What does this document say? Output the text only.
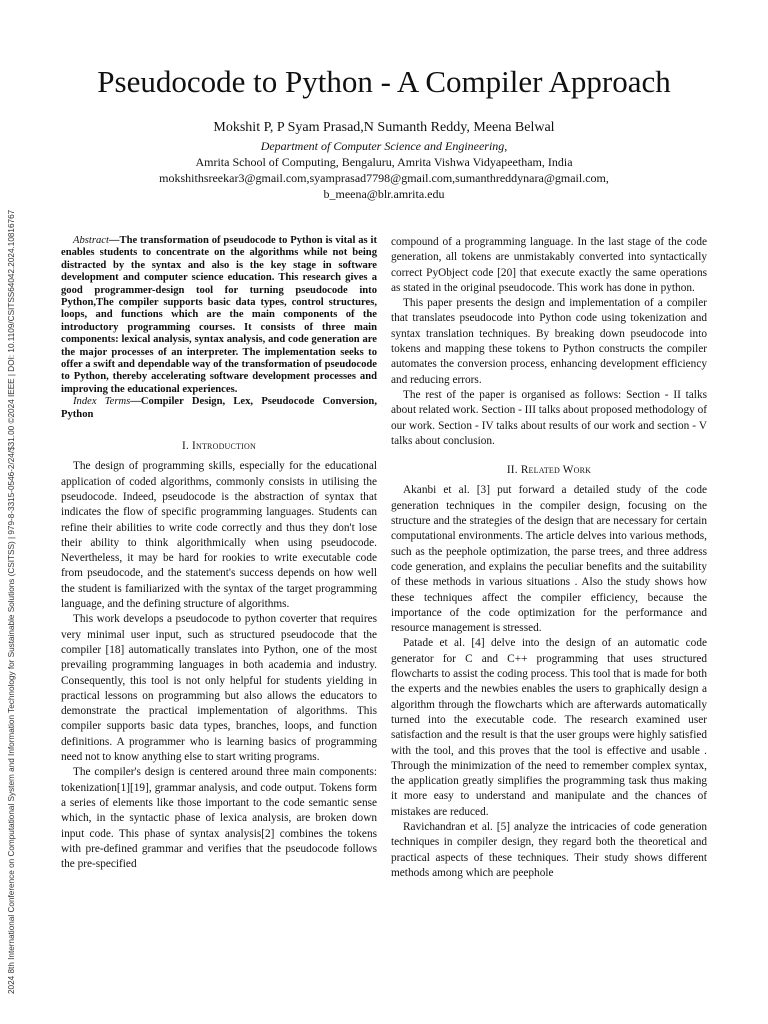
2024 8th International Conference on Computational System and Information Technology for Sustainable Solutions (CSITSS) | 979-8-3315-0546-2/24/$31.00 ©2024 IEEE | DOI: 10.1109/CSITSS64042.2024.10816767
Pseudocode to Python - A Compiler Approach
Mokshit P, P Syam Prasad,N Sumanth Reddy, Meena Belwal
Department of Computer Science and Engineering,
Amrita School of Computing, Bengaluru, Amrita Vishwa Vidyapeetham, India
mokshithsreekar3@gmail.com,syamprasad7798@gmail.com,sumanthreddynara@gmail.com,
b_meena@blr.amrita.edu

Abstract—The transformation of pseudocode to Python is vital as it enables students to concentrate on the algorithms while not being distracted by the syntax and also is the key stage in software development and computer science education. This research gives a good programmer-design tool for turning pseudocode into Python,The compiler supports basic data types, control structures, loops, and functions which are the main components of the introductory programming courses. It consists of three main components: lexical analysis, syntax analysis, and code generation are the major processes of an interpreter. The implementation seeks to offer a swift and dependable way of the transformation of pseudocode to Python, thereby accelerating software development processes and improving the educational experiences.

Index Terms—Compiler Design, Lex, Pseudocode Conversion, Python

I. Introduction

The design of programming skills, especially for the educational application of coded algorithms, commonly consists in utilising the pseudocode. Indeed, pseudocode is the abstraction of syntax that indicates the flow of specific programming languages. Students can refine their abilities to write code correctly and thus they don't lose their ability to think algorithmically when using pseudocode. Nevertheless, it may be hard for rookies to write executable code from pseudocode, and the statement's success depends on how well the student is familiarized with the syntax of the target programming language, and the defining structure of algorithms.

This work develops a pseudocode to python coverter that requires very minimal user input, such as structured pseudocode that the compiler [18] automatically translates into Python, one of the most prevailing programming languages in both academia and industry. Consequently, this tool is not only helpful for students yielding in practical lessons on programming but also allows the educators to demonstrate the practical implementation of algorithms. This compiler supports basic data types, branches, loops, and function definitions. A programmer who is learning basics of programming need not to know anything else to start writing programs.

The compiler's design is centered around three main components: tokenization[1][19], grammar analysis, and code output. Tokens form a series of elements like those important to the code semantic sense which, in the syntactic phase of lexica analysis, are broken down input code. This phase of syntax analysis[2] combines the tokens with pre-defined grammar and verifies that the pseudocode follows the pre-specified

compound of a programming language. In the last stage of the code generation, all tokens are unmistakably converted into syntactically correct PyObject code [20] that execute exactly the same operations as stated in the original pseudocode. This work has done in python.

This paper presents the design and implementation of a compiler that translates pseudocode into Python code using tokenization and syntax translation techniques. By breaking down pseudocode into tokens and mapping these tokens to Python constructs the compiler automates the conversion process, enhancing development efficiency and reducing errors.

The rest of the paper is organised as follows: Section - II talks about related work. Section - III talks about proposed methodology of our work. Section - IV talks about results of our work and section - V talks about conclusion.

II. Related Work

Akanbi et al. [3] put forward a detailed study of the code generation techniques in the compiler design, focusing on the structure and the strategies of the design that are necessary for certain computational environments. The article delves into various methods, such as the peephole optimization, the parse trees, and three address code generation, and explains the peculiar benefits and the suitability of these methods in various situations . Also the study shows how these techniques affect the compiler efficiency, because the importance of the code optimization for the performance and resource management is stressed.

Patade et al. [4] delve into the design of an automatic code generator for C and C++ programming that uses structured flowcharts to assist the coding process. This tool that is made for both the experts and the newbies enables the users to graphically design a algorithm through the flowcharts which are afterwards automatically turned into the executable code. The research examined user satisfaction and the result is that the user groups were highly satisfied with the tool, and this proves that the tool is effective and usable . Through the minimization of the need to remember complex syntax, the application greatly simplifies the programming task thus making it more easy to understand and manipulate and the chances of mistakes are reduced.

Ravichandran et al. [5] analyze the intricacies of code generation techniques in compiler design, they regard both the theoretical and practical aspects of these techniques. Their study shows different methods among which are peephole
